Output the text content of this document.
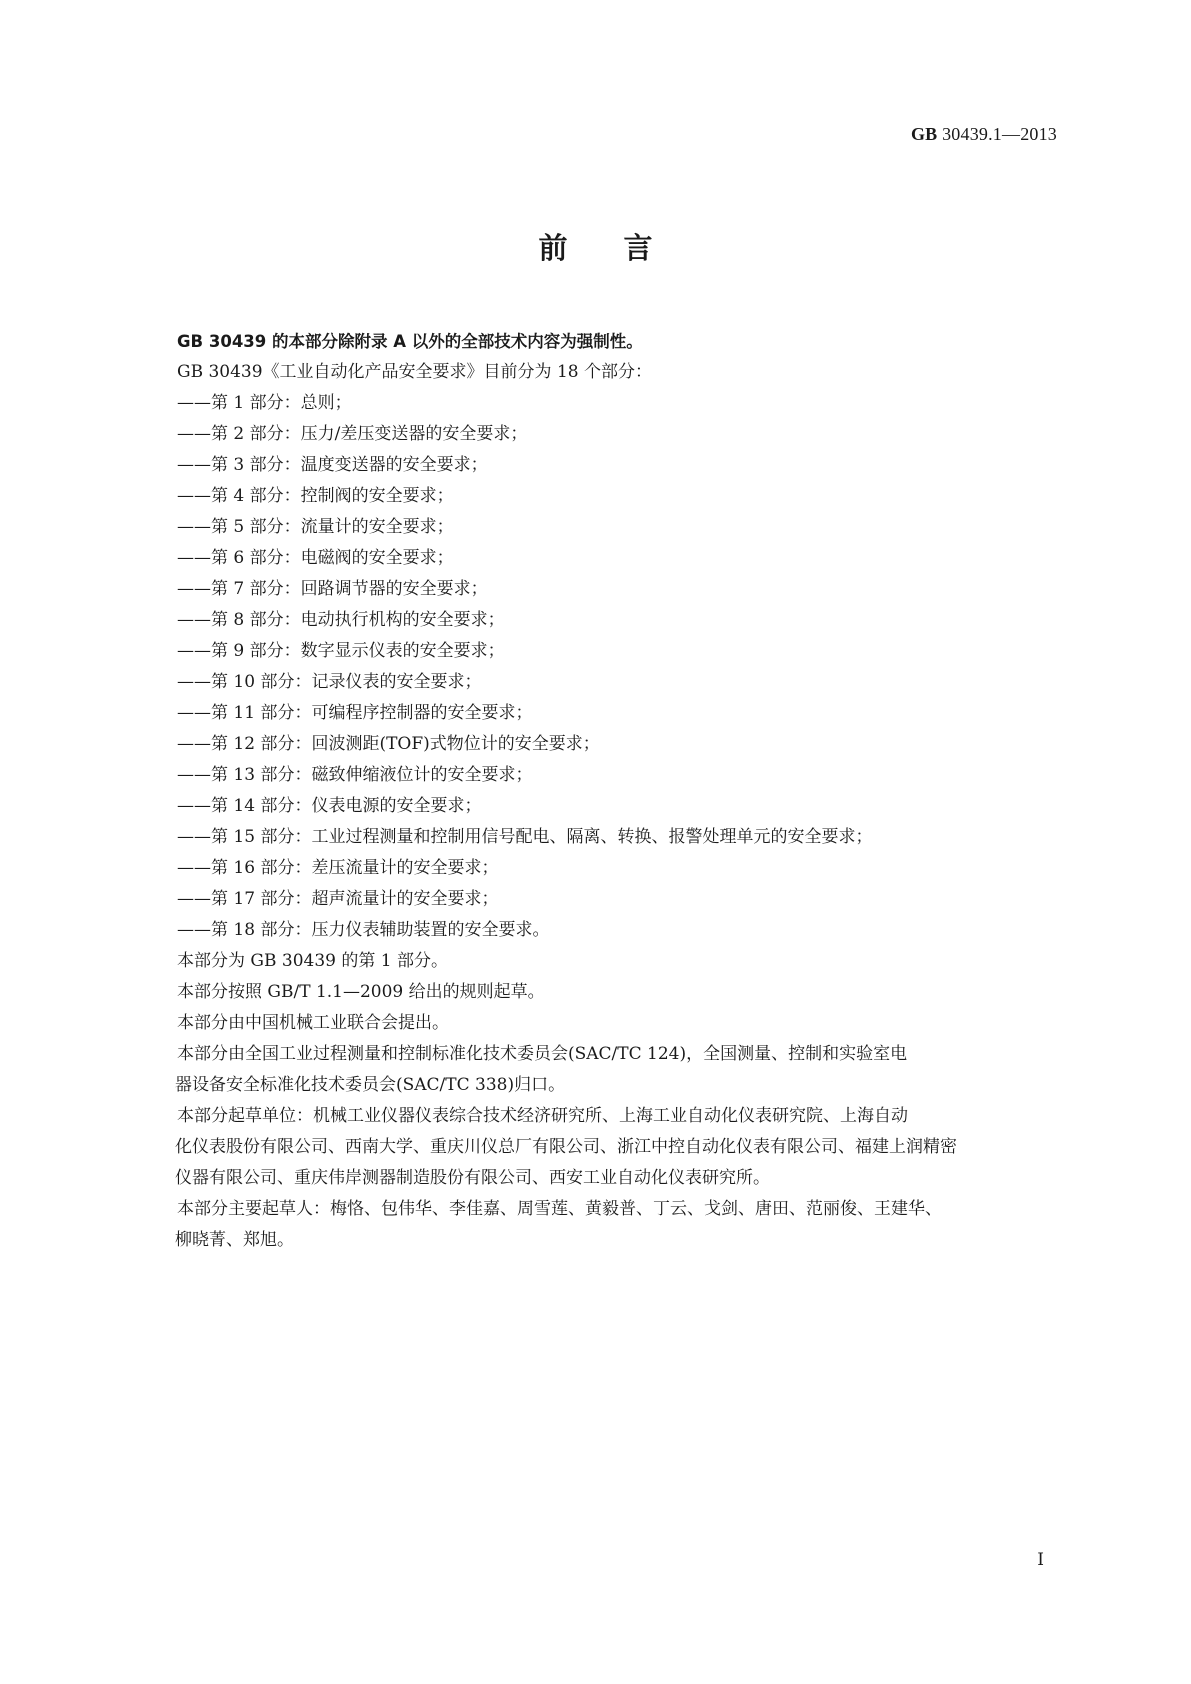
GB 30439.1—2013
前言

GB 30439 的本部分除附录 A 以外的全部技术内容为强制性。

GB 30439《工业自动化产品安全要求》目前分为 18 个部分：

——第 1 部分：总则；

——第 2 部分：压力/差压变送器的安全要求；

——第 3 部分：温度变送器的安全要求；

——第 4 部分：控制阀的安全要求；

——第 5 部分：流量计的安全要求；

——第 6 部分：电磁阀的安全要求；

——第 7 部分：回路调节器的安全要求；

——第 8 部分：电动执行机构的安全要求；

——第 9 部分：数字显示仪表的安全要求；

——第 10 部分：记录仪表的安全要求；

——第 11 部分：可编程序控制器的安全要求；

——第 12 部分：回波测距(TOF)式物位计的安全要求；

——第 13 部分：磁致伸缩液位计的安全要求；

——第 14 部分：仪表电源的安全要求；

——第 15 部分：工业过程测量和控制用信号配电、隔离、转换、报警处理单元的安全要求；

——第 16 部分：差压流量计的安全要求；

——第 17 部分：超声流量计的安全要求；

——第 18 部分：压力仪表辅助装置的安全要求。

本部分为 GB 30439 的第 1 部分。

本部分按照 GB/T 1.1—2009 给出的规则起草。

本部分由中国机械工业联合会提出。

本部分由全国工业过程测量和控制标准化技术委员会(SAC/TC 124)，全国测量、控制和实验室电
器设备安全标准化技术委员会(SAC/TC 338)归口。

本部分起草单位：机械工业仪器仪表综合技术经济研究所、上海工业自动化仪表研究院、上海自动
化仪表股份有限公司、西南大学、重庆川仪总厂有限公司、浙江中控自动化仪表有限公司、福建上润精密
仪器有限公司、重庆伟岸测器制造股份有限公司、西安工业自动化仪表研究所。

本部分主要起草人：梅恪、包伟华、李佳嘉、周雪莲、黄毅普、丁云、戈剑、唐田、范丽俊、王建华、
柳晓菁、郑旭。

I
